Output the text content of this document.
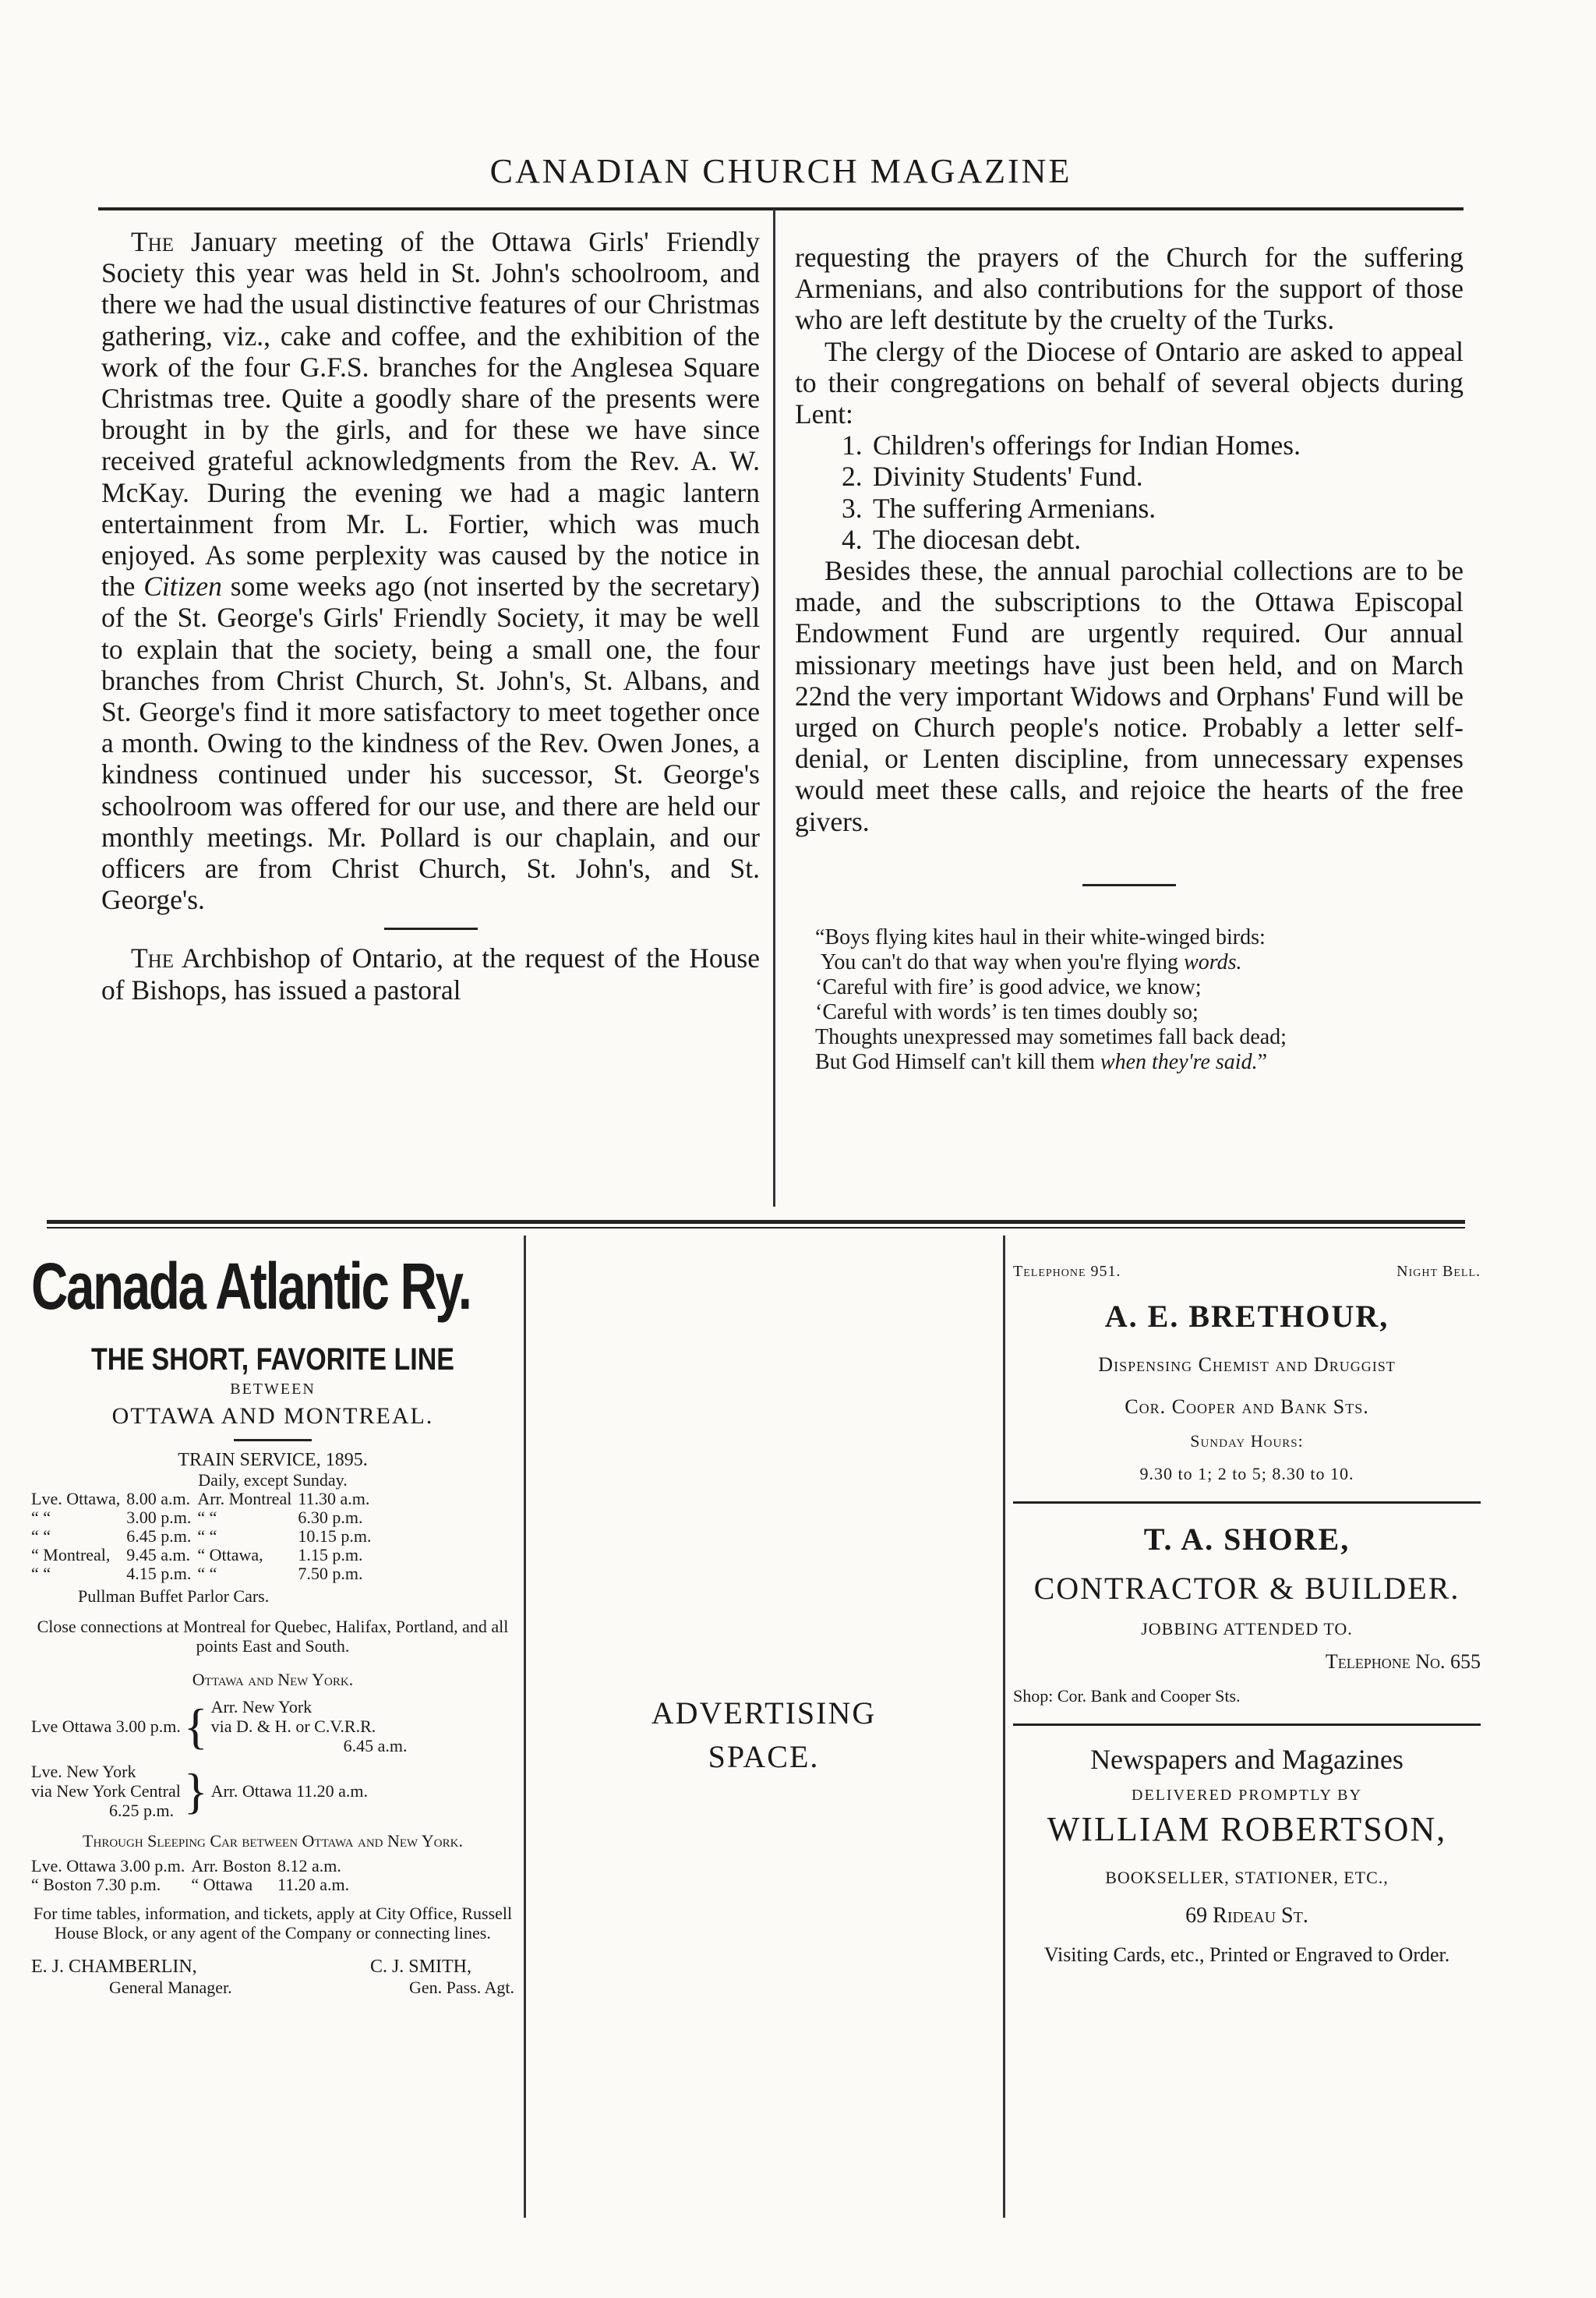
CANADIAN CHURCH MAGAZINE

The January meeting of the Ottawa Girls' Friendly Society this year was held in St. John's schoolroom, and there we had the usual distinctive features of our Christmas gathering, viz., cake and coffee, and the exhibition of the work of the four G.F.S. branches for the Anglesea Square Christmas tree. Quite a goodly share of the presents were brought in by the girls, and for these we have since received grateful acknowledgments from the Rev. A. W. McKay. During the evening we had a magic lantern entertainment from Mr. L. Fortier, which was much enjoyed. As some perplexity was caused by the notice in the Citizen some weeks ago (not inserted by the secretary) of the St. George's Girls' Friendly Society, it may be well to explain that the society, being a small one, the four branches from Christ Church, St. John's, St. Albans, and St. George's find it more satisfactory to meet together once a month. Owing to the kindness of the Rev. Owen Jones, a kindness continued under his successor, St. George's schoolroom was offered for our use, and there are held our monthly meetings. Mr. Pollard is our chaplain, and our officers are from Christ Church, St. John's, and St. George's.

The Archbishop of Ontario, at the request of the House of Bishops, has issued a pastoral

requesting the prayers of the Church for the suffering Armenians, and also contributions for the support of those who are left destitute by the cruelty of the Turks.

The clergy of the Diocese of Ontario are asked to appeal to their congregations on behalf of several objects during Lent:

1. Children's offerings for Indian Homes.
2. Divinity Students' Fund.
3. The suffering Armenians.
4. The diocesan debt.

Besides these, the annual parochial collections are to be made, and the subscriptions to the Ottawa Episcopal Endowment Fund are urgently required. Our annual missionary meetings have just been held, and on March 22nd the very important Widows and Orphans' Fund will be urged on Church people's notice. Probably a letter self-denial, or Lenten discipline, from unnecessary expenses would meet these calls, and rejoice the hearts of the free givers.

“Boys flying kites haul in their white-winged birds:

You can't do that way when you're flying words.

‘Careful with fire’ is good advice, we know;

‘Careful with words’ is ten times doubly so;

Thoughts unexpressed may sometimes fall back dead;

But God Himself can't kill them when they're said.”

Canada Atlantic Ry.
THE SHORT, FAVORITE LINE
BETWEEN
OTTAWA AND MONTREAL.
TRAIN SERVICE, 1895.
Daily, except Sunday.
Lve. Ottawa,	8.00 a.m.	Arr. Montreal	11.30 a.m.
“ “	3.00 p.m.	“ “	6.30 p.m.
“ “	6.45 p.m.	“ “	10.15 p.m.
“ Montreal,	9.45 a.m.	“ Ottawa,	1.15 p.m.
“ “	4.15 p.m.	“ “	7.50 p.m.
Pullman Buffet Parlor Cars.
Close connections at Montreal for Quebec, Halifax, Portland, and all points East and South.
Ottawa and New York.
Lve Ottawa 3.00 p.m. { Arr. New York
via D. & H. or C.V.R.R.
6.45 a.m.
Lve. New York
via New York Central
6.25 p.m. } Arr. Ottawa 11.20 a.m.
Through Sleeping Car between Ottawa and New York.
Lve. Ottawa 3.00 p.m.	Arr. Boston	8.12 a.m.
“ Boston 7.30 p.m.	“ Ottawa	11.20 a.m.
For time tables, information, and tickets, apply at City Office, Russell House Block, or any agent of the Company or connecting lines.
E. J. CHAMBERLIN,
General Manager.
C. J. SMITH,
Gen. Pass. Agt.
ADVERTISING
SPACE.
Telephone 951.	Night Bell.
A. E. BRETHOUR,
Dispensing Chemist and Druggist
Cor. Cooper and Bank Sts.
Sunday Hours:
9.30 to 1; 2 to 5; 8.30 to 10.
T. A. SHORE,
CONTRACTOR & BUILDER.
JOBBING ATTENDED TO.
Telephone No. 655
Shop: Cor. Bank and Cooper Sts.
Newspapers and Magazines
DELIVERED PROMPTLY BY
WILLIAM ROBERTSON,
BOOKSELLER, STATIONER, ETC.,
69 Rideau St.
Visiting Cards, etc., Printed or Engraved to Order.
